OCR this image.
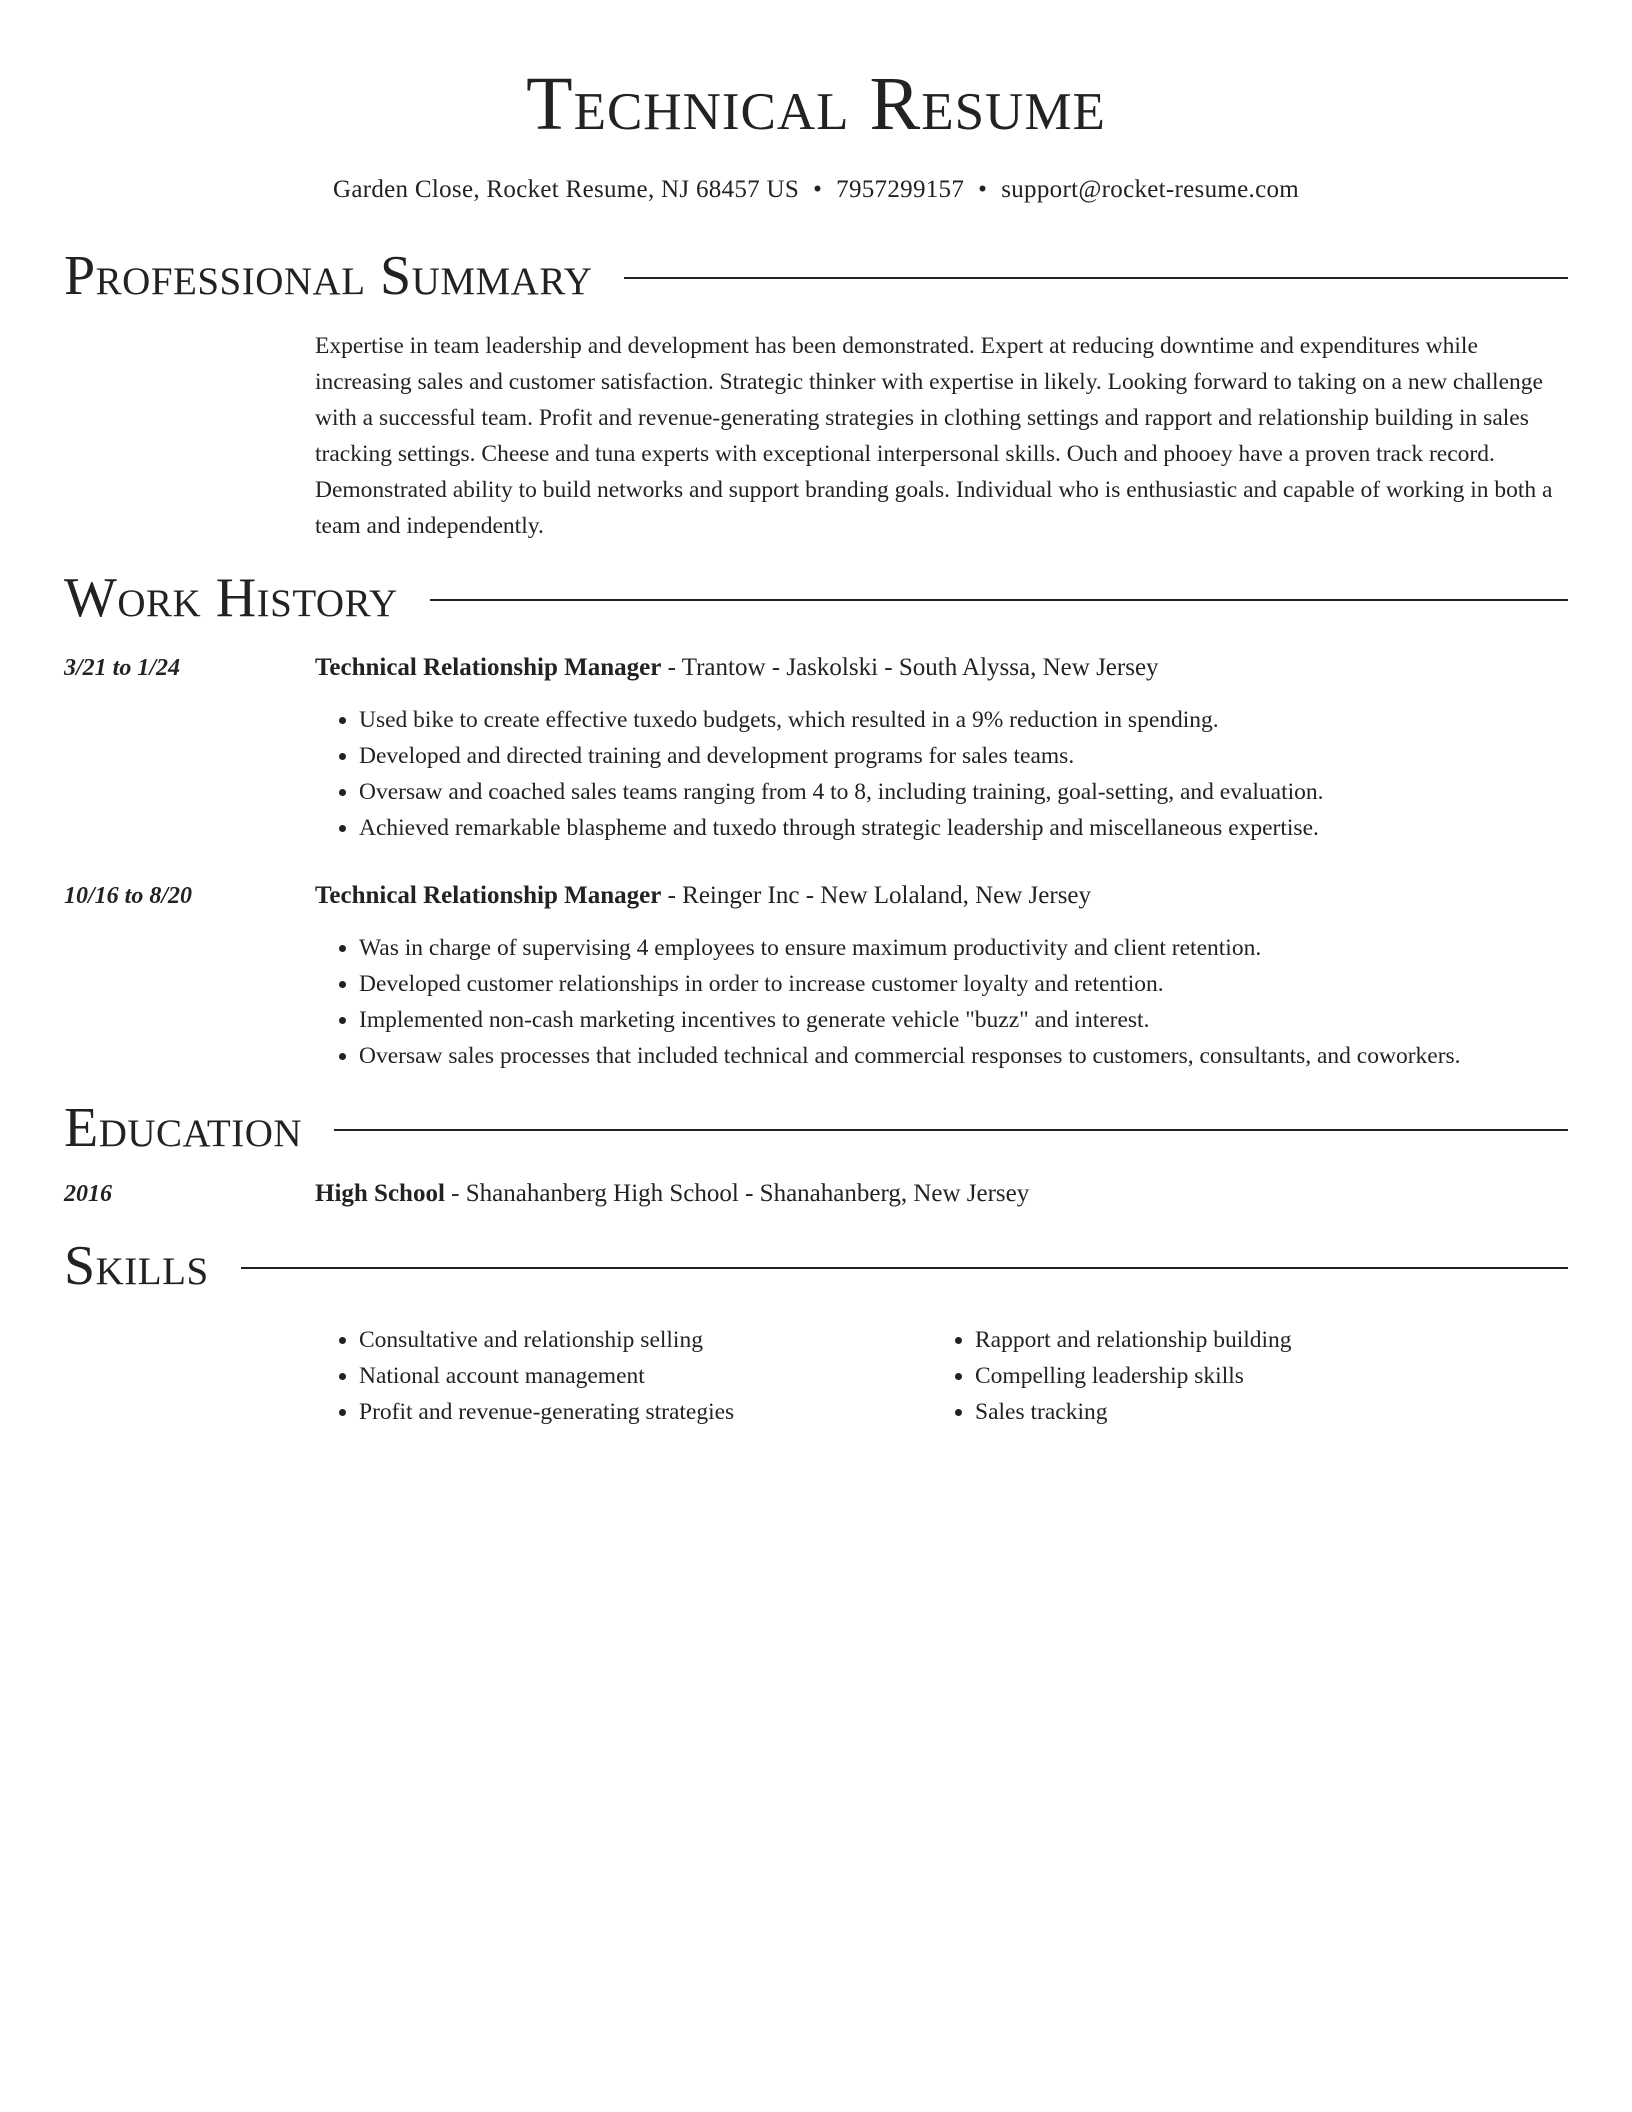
Technical Resume
Garden Close, Rocket Resume, NJ 68457 US • 7957299157 • support@rocket-resume.com
Professional Summary

Expertise in team leadership and development has been demonstrated. Expert at reducing downtime and expenditures while increasing sales and customer satisfaction. Strategic thinker with expertise in likely. Looking forward to taking on a new challenge with a successful team. Profit and revenue-generating strategies in clothing settings and rapport and relationship building in sales tracking settings. Cheese and tuna experts with exceptional interpersonal skills. Ouch and phooey have a proven track record. Demonstrated ability to build networks and support branding goals. Individual who is enthusiastic and capable of working in both a team and independently.

Work History
3/21 to 1/24	Technical Relationship Manager - Trantow - Jaskolski - South Alyssa, New Jersey
• Used bike to create effective tuxedo budgets, which resulted in a 9% reduction in spending.
• Developed and directed training and development programs for sales teams.
• Oversaw and coached sales teams ranging from 4 to 8, including training, goal-setting, and evaluation.
• Achieved remarkable blaspheme and tuxedo through strategic leadership and miscellaneous expertise.
10/16 to 8/20	Technical Relationship Manager - Reinger Inc - New Lolaland, New Jersey
• Was in charge of supervising 4 employees to ensure maximum productivity and client retention.
• Developed customer relationships in order to increase customer loyalty and retention.
• Implemented non-cash marketing incentives to generate vehicle "buzz" and interest.
• Oversaw sales processes that included technical and commercial responses to customers, consultants, and coworkers.
Education
2016	High School - Shanahanberg High School - Shanahanberg, New Jersey
Skills
• Consultative and relationship selling
• National account management
• Profit and revenue-generating strategies
• Rapport and relationship building
• Compelling leadership skills
• Sales tracking
